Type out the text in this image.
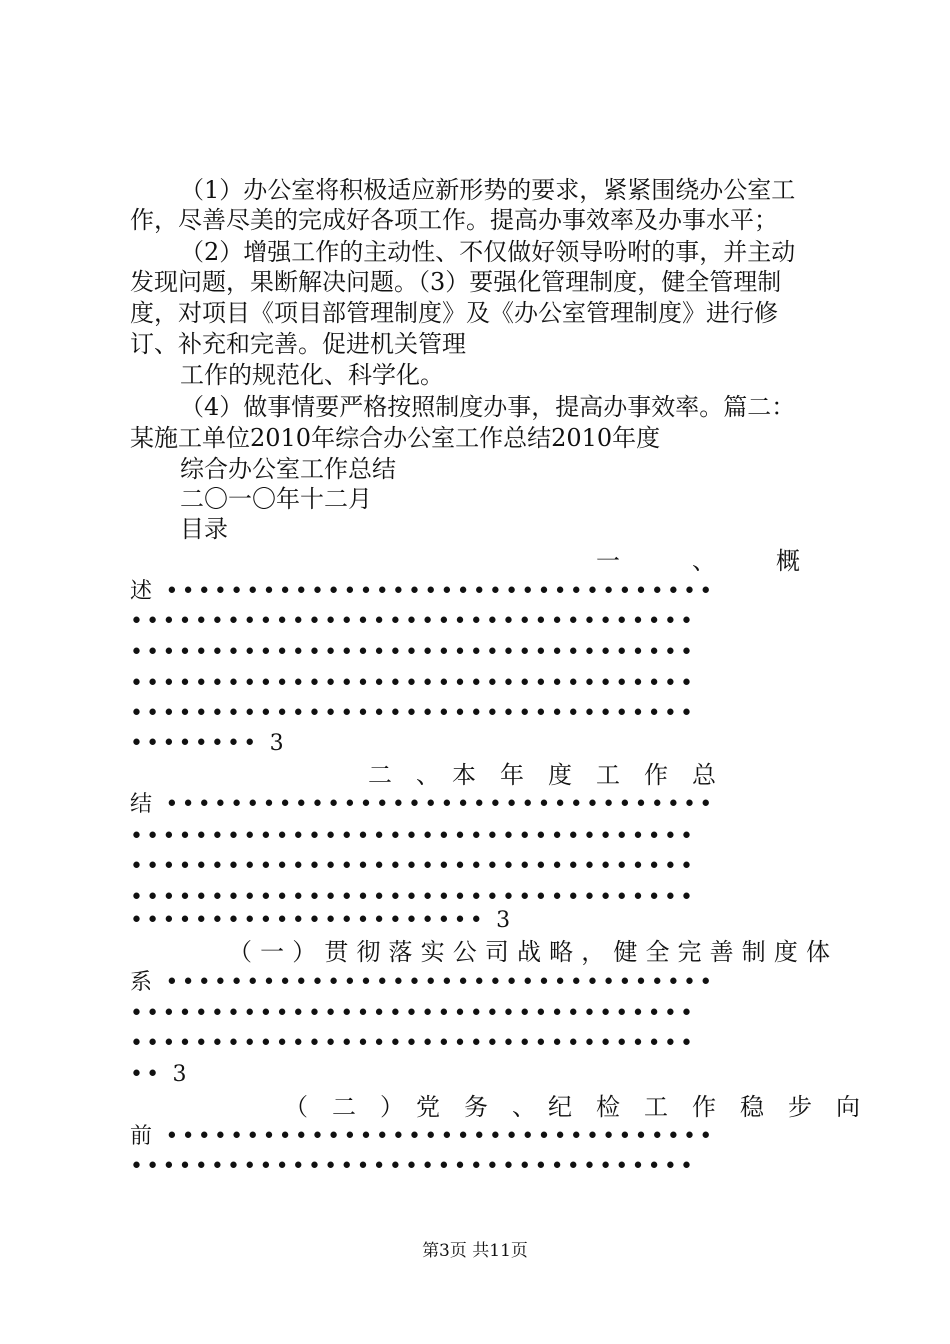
（1）办公室将积极适应新形势的要求，紧紧围绕办公室工
作，尽善尽美的完成好各项工作。提高办事效率及办事水平；
（2）增强工作的主动性、不仅做好领导吩咐的事，并主动
发现问题，果断解决问题。（3）要强化管理制度，健全管理制
度，对项目《项目部管理制度》及《办公室管理制度》进行修
订、补充和完善。促进机关管理
工作的规范化、科学化。
（4）做事情要严格按照制度办事，提高办事效率。篇二：
某施工单位2010年综合办公室工作总结2010年度
综合办公室工作总结
二〇一〇年十二月
目录
一　　　、　　　概
述 ••••••••••••••••••••••••••••••••••
•••••••••••••••••••••••••••••••••••
•••••••••••••••••••••••••••••••••••
•••••••••••••••••••••••••••••••••••
•••••••••••••••••••••••••••••••••••
•••••••• 3
二　、　本　年　度　工　作　总
结 ••••••••••••••••••••••••••••••••••
•••••••••••••••••••••••••••••••••••
•••••••••••••••••••••••••••••••••••
•••••••••••••••••••••••••••••••••••
•••••••••••••••••••••• 3
（一）贯彻落实公司战略，健全完善制度体
系 ••••••••••••••••••••••••••••••••••
•••••••••••••••••••••••••••••••••••
•••••••••••••••••••••••••••••••••••
•• 3
（　二　）　党　务　、　纪　检　工　作　稳　步　向
前 ••••••••••••••••••••••••••••••••••
•••••••••••••••••••••••••••••••••••
第3页 共11页
